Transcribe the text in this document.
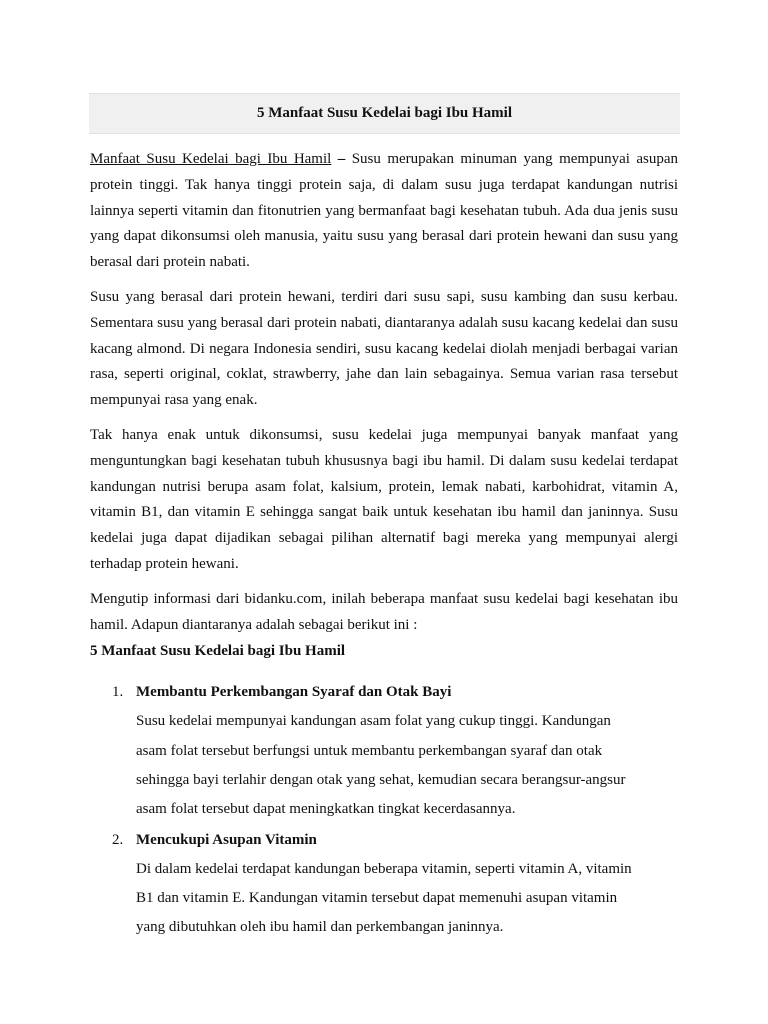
5 Manfaat Susu Kedelai bagi Ibu Hamil

Manfaat Susu Kedelai bagi Ibu Hamil – Susu merupakan minuman yang mempunyai asupan protein tinggi. Tak hanya tinggi protein saja, di dalam susu juga terdapat kandungan nutrisi lainnya seperti vitamin dan fitonutrien yang bermanfaat bagi kesehatan tubuh. Ada dua jenis susu yang dapat dikonsumsi oleh manusia, yaitu susu yang berasal dari protein hewani dan susu yang berasal dari protein nabati.

Susu yang berasal dari protein hewani, terdiri dari susu sapi, susu kambing dan susu kerbau. Sementara susu yang berasal dari protein nabati, diantaranya adalah susu kacang kedelai dan susu kacang almond. Di negara Indonesia sendiri, susu kacang kedelai diolah menjadi berbagai varian rasa, seperti original, coklat, strawberry, jahe dan lain sebagainya. Semua varian rasa tersebut mempunyai rasa yang enak.

Tak hanya enak untuk dikonsumsi, susu kedelai juga mempunyai banyak manfaat yang menguntungkan bagi kesehatan tubuh khususnya bagi ibu hamil. Di dalam susu kedelai terdapat kandungan nutrisi berupa asam folat, kalsium, protein, lemak nabati, karbohidrat, vitamin A, vitamin B1, dan vitamin E sehingga sangat baik untuk kesehatan ibu hamil dan janinnya. Susu kedelai juga dapat dijadikan sebagai pilihan alternatif bagi mereka yang mempunyai alergi terhadap protein hewani.

Mengutip informasi dari bidanku.com, inilah beberapa manfaat susu kedelai bagi kesehatan ibu hamil. Adapun diantaranya adalah sebagai berikut ini :

5 Manfaat Susu Kedelai bagi Ibu Hamil
1. Membantu Perkembangan Syaraf dan Otak Bayi
Susu kedelai mempunyai kandungan asam folat yang cukup tinggi. Kandungan asam folat tersebut berfungsi untuk membantu perkembangan syaraf dan otak sehingga bayi terlahir dengan otak yang sehat, kemudian secara berangsur-angsur asam folat tersebut dapat meningkatkan tingkat kecerdasannya.
2. Mencukupi Asupan Vitamin
Di dalam kedelai terdapat kandungan beberapa vitamin, seperti vitamin A, vitamin B1 dan vitamin E. Kandungan vitamin tersebut dapat memenuhi asupan vitamin yang dibutuhkan oleh ibu hamil dan perkembangan janinnya.
